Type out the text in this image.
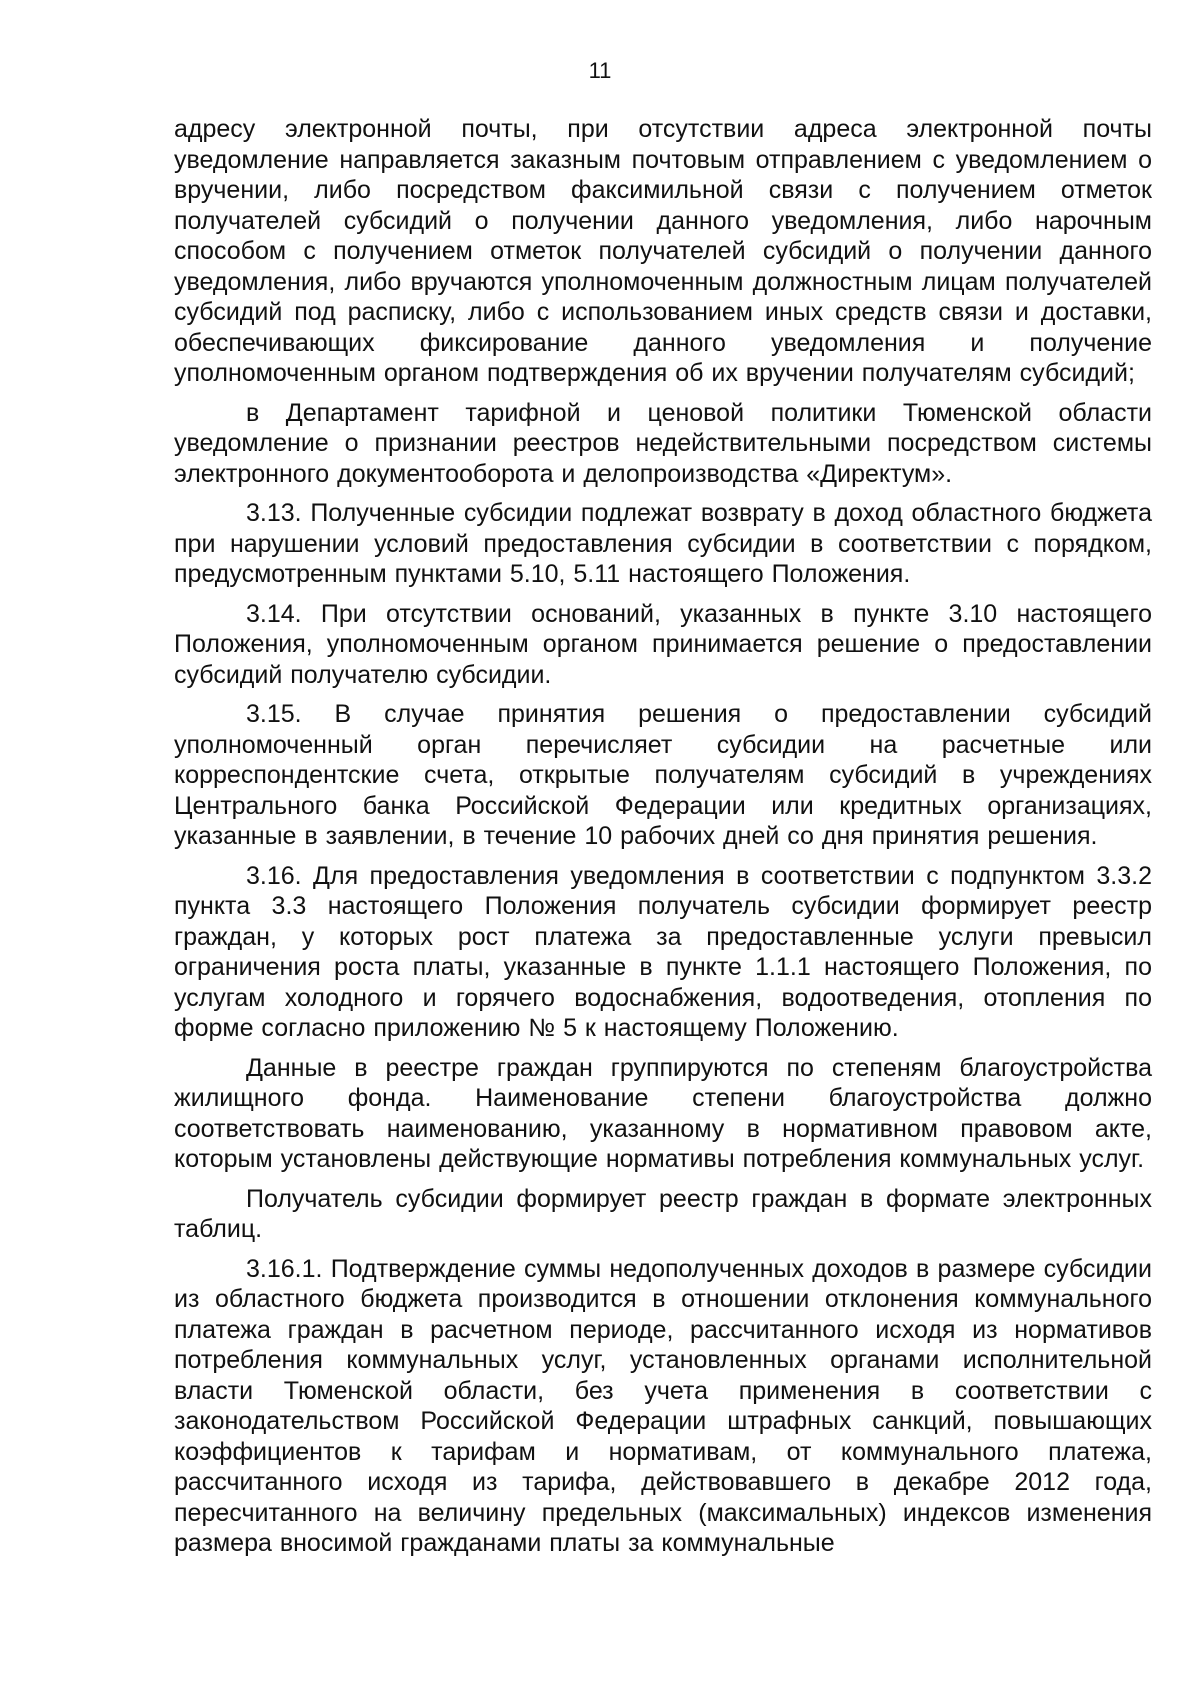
11

адресу электронной почты, при отсутствии адреса электронной почты уведомление направляется заказным почтовым отправлением с уведомлением о вручении, либо посредством факсимильной связи с получением отметок получателей субсидий о получении данного уведомления, либо нарочным способом с получением отметок получателей субсидий о получении данного уведомления, либо вручаются уполномоченным должностным лицам получателей субсидий под расписку, либо с использованием иных средств связи и доставки, обеспечивающих фиксирование данного уведомления и получение уполномоченным органом подтверждения об их вручении получателям субсидий;

в Департамент тарифной и ценовой политики Тюменской области уведомление о признании реестров недействительными посредством системы электронного документооборота и делопроизводства «Директум».

3.13. Полученные субсидии подлежат возврату в доход областного бюджета при нарушении условий предоставления субсидии в соответствии с порядком, предусмотренным пунктами 5.10, 5.11 настоящего Положения.

3.14. При отсутствии оснований, указанных в пункте 3.10 настоящего Положения, уполномоченным органом принимается решение о предоставлении субсидий получателю субсидии.

3.15. В случае принятия решения о предоставлении субсидий уполномоченный орган перечисляет субсидии на расчетные или корреспондентские счета, открытые получателям субсидий в учреждениях Центрального банка Российской Федерации или кредитных организациях, указанные в заявлении, в течение 10 рабочих дней со дня принятия решения.

3.16. Для предоставления уведомления в соответствии с подпунктом 3.3.2 пункта 3.3 настоящего Положения получатель субсидии формирует реестр граждан, у которых рост платежа за предоставленные услуги превысил ограничения роста платы, указанные в пункте 1.1.1 настоящего Положения, по услугам холодного и горячего водоснабжения, водоотведения, отопления по форме согласно приложению № 5 к настоящему Положению.

Данные в реестре граждан группируются по степеням благоустройства жилищного фонда. Наименование степени благоустройства должно соответствовать наименованию, указанному в нормативном правовом акте, которым установлены действующие нормативы потребления коммунальных услуг.

Получатель субсидии формирует реестр граждан в формате электронных таблиц.

3.16.1. Подтверждение суммы недополученных доходов в размере субсидии из областного бюджета производится в отношении отклонения коммунального платежа граждан в расчетном периоде, рассчитанного исходя из нормативов потребления коммунальных услуг, установленных органами исполнительной власти Тюменской области, без учета применения в соответствии с законодательством Российской Федерации штрафных санкций, повышающих коэффициентов к тарифам и нормативам, от коммунального платежа, рассчитанного исходя из тарифа, действовавшего в декабре 2012 года, пересчитанного на величину предельных (максимальных) индексов изменения размера вносимой гражданами платы за коммунальные
